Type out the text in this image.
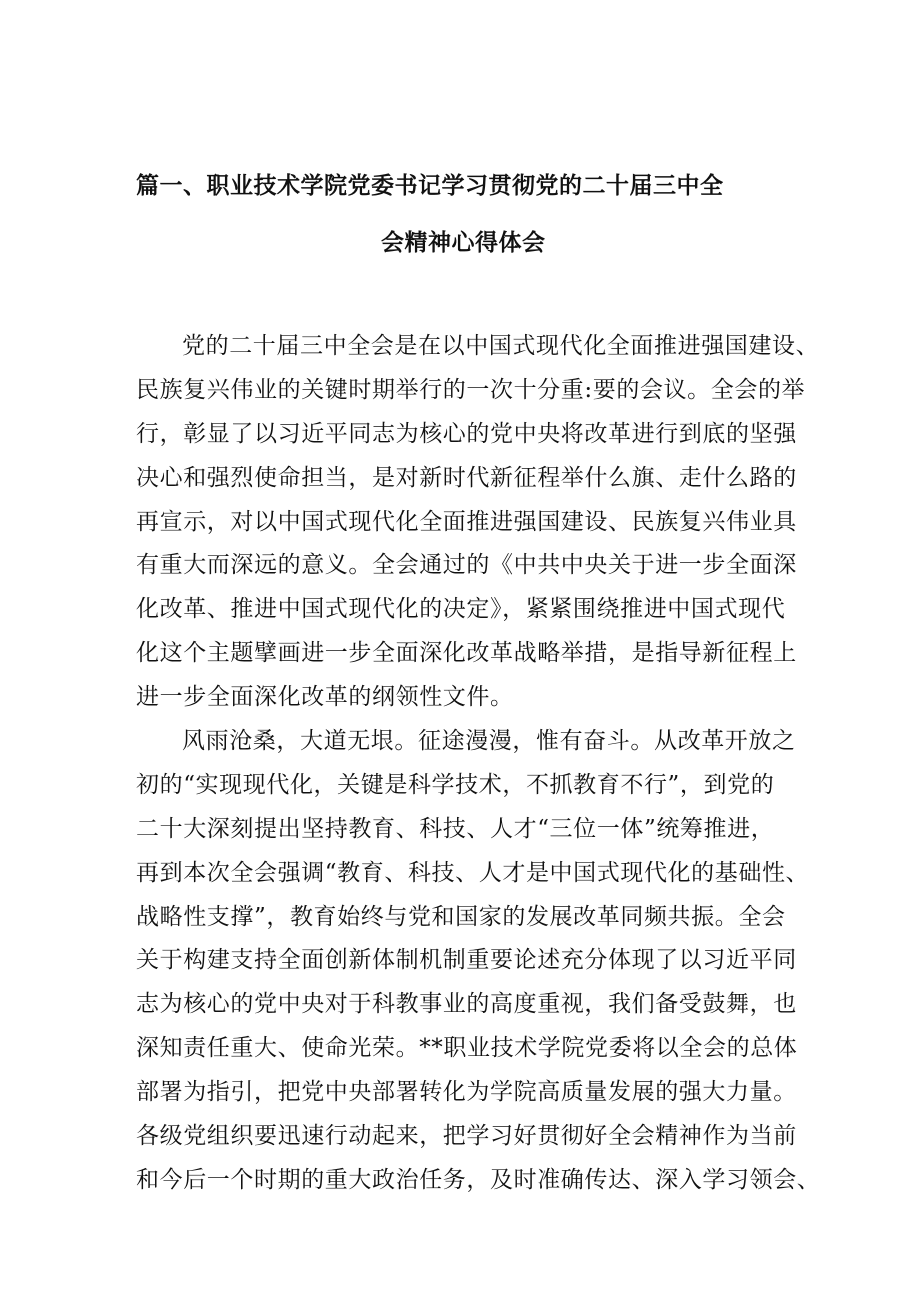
篇一、职业技术学院党委书记学习贯彻党的二十届三中全
会精神心得体会
党的二十届三中全会是在以中国式现代化全面推进强国建设、
民族复兴伟业的关键时期举行的一次十分重:要的会议。全会的举
行，彰显了以习近平同志为核心的党中央将改革进行到底的坚强
决心和强烈使命担当，是对新时代新征程举什么旗、走什么路的
再宣示，对以中国式现代化全面推进强国建设、民族复兴伟业具
有重大而深远的意义。全会通过的《中共中央关于进一步全面深
化改革、推进中国式现代化的决定》，紧紧围绕推进中国式现代
化这个主题擘画进一步全面深化改革战略举措，是指导新征程上
进一步全面深化改革的纲领性文件。
风雨沧桑，大道无垠。征途漫漫，惟有奋斗。从改革开放之
初的“实现现代化，关键是科学技术，不抓教育不行”，到党的
二十大深刻提出坚持教育、科技、人才“三位一体”统筹推进，
再到本次全会强调“教育、科技、人才是中国式现代化的基础性、
战略性支撑”，教育始终与党和国家的发展改革同频共振。全会
关于构建支持全面创新体制机制重要论述充分体现了以习近平同
志为核心的党中央对于科教事业的高度重视，我们备受鼓舞，也
深知责任重大、使命光荣。**职业技术学院党委将以全会的总体
部署为指引，把党中央部署转化为学院高质量发展的强大力量。
各级党组织要迅速行动起来，把学习好贯彻好全会精神作为当前
和今后一个时期的重大政治任务，及时准确传达、深入学习领会、
